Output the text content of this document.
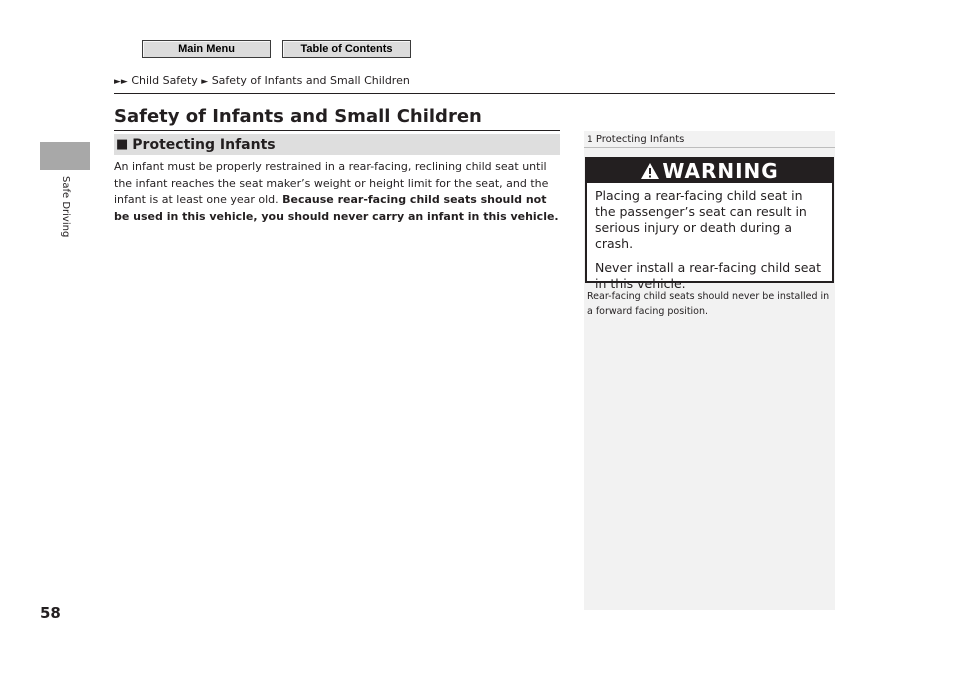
Main Menu	Table of Contents
Safe Driving
58
►► Child Safety ► Safety of Infants and Small Children
Safety of Infants and Small Children
■ Protecting Infants
An infant must be properly restrained in a rear-facing, reclining child seat until the infant reaches the seat maker’s weight or height limit for the seat, and the infant is at least one year old. Because rear-facing child seats should not be used in this vehicle, you should never carry an infant in this vehicle.
1 Protecting Infants
WARNING

Placing a rear-facing child seat in the passenger’s seat can result in serious injury or death during a crash.

Never install a rear-facing child seat in this vehicle.

Rear-facing child seats should never be installed in a forward facing position.
